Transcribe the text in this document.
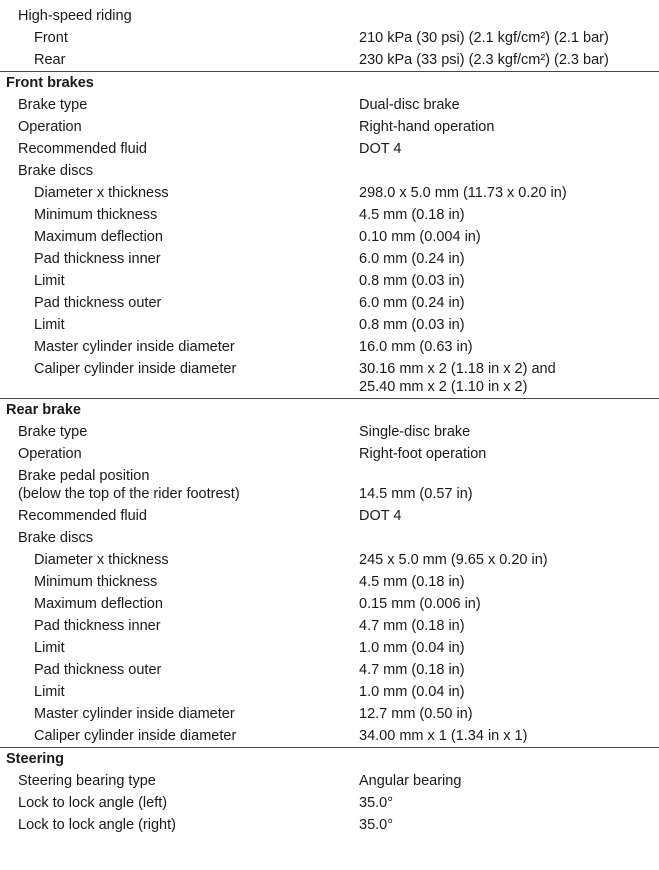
High-speed riding
Front	210 kPa (30 psi) (2.1 kgf/cm²) (2.1 bar)
Rear	230 kPa (33 psi) (2.3 kgf/cm²) (2.3 bar)
Front brakes
Brake type	Dual-disc brake
Operation	Right-hand operation
Recommended fluid	DOT 4
Brake discs
Diameter x thickness	298.0 x 5.0 mm (11.73 x 0.20 in)
Minimum thickness	4.5 mm (0.18 in)
Maximum deflection	0.10 mm (0.004 in)
Pad thickness inner	6.0 mm (0.24 in)
Limit	0.8 mm (0.03 in)
Pad thickness outer	6.0 mm (0.24 in)
Limit	0.8 mm (0.03 in)
Master cylinder inside diameter	16.0 mm (0.63 in)
Caliper cylinder inside diameter	30.16 mm x 2 (1.18 in x 2) and
25.40 mm x 2 (1.10 in x 2)
Rear brake
Brake type	Single-disc brake
Operation	Right-foot operation
Brake pedal position
(below the top of the rider footrest)
	14.5 mm (0.57 in)
Recommended fluid	DOT 4
Brake discs
Diameter x thickness	245 x 5.0 mm (9.65 x 0.20 in)
Minimum thickness	4.5 mm (0.18 in)
Maximum deflection	0.15 mm (0.006 in)
Pad thickness inner	4.7 mm (0.18 in)
Limit	1.0 mm (0.04 in)
Pad thickness outer	4.7 mm (0.18 in)
Limit	1.0 mm (0.04 in)
Master cylinder inside diameter	12.7 mm (0.50 in)
Caliper cylinder inside diameter	34.00 mm x 1 (1.34 in x 1)
Steering
Steering bearing type	Angular bearing
Lock to lock angle (left)	35.0°
Lock to lock angle (right)	35.0°
